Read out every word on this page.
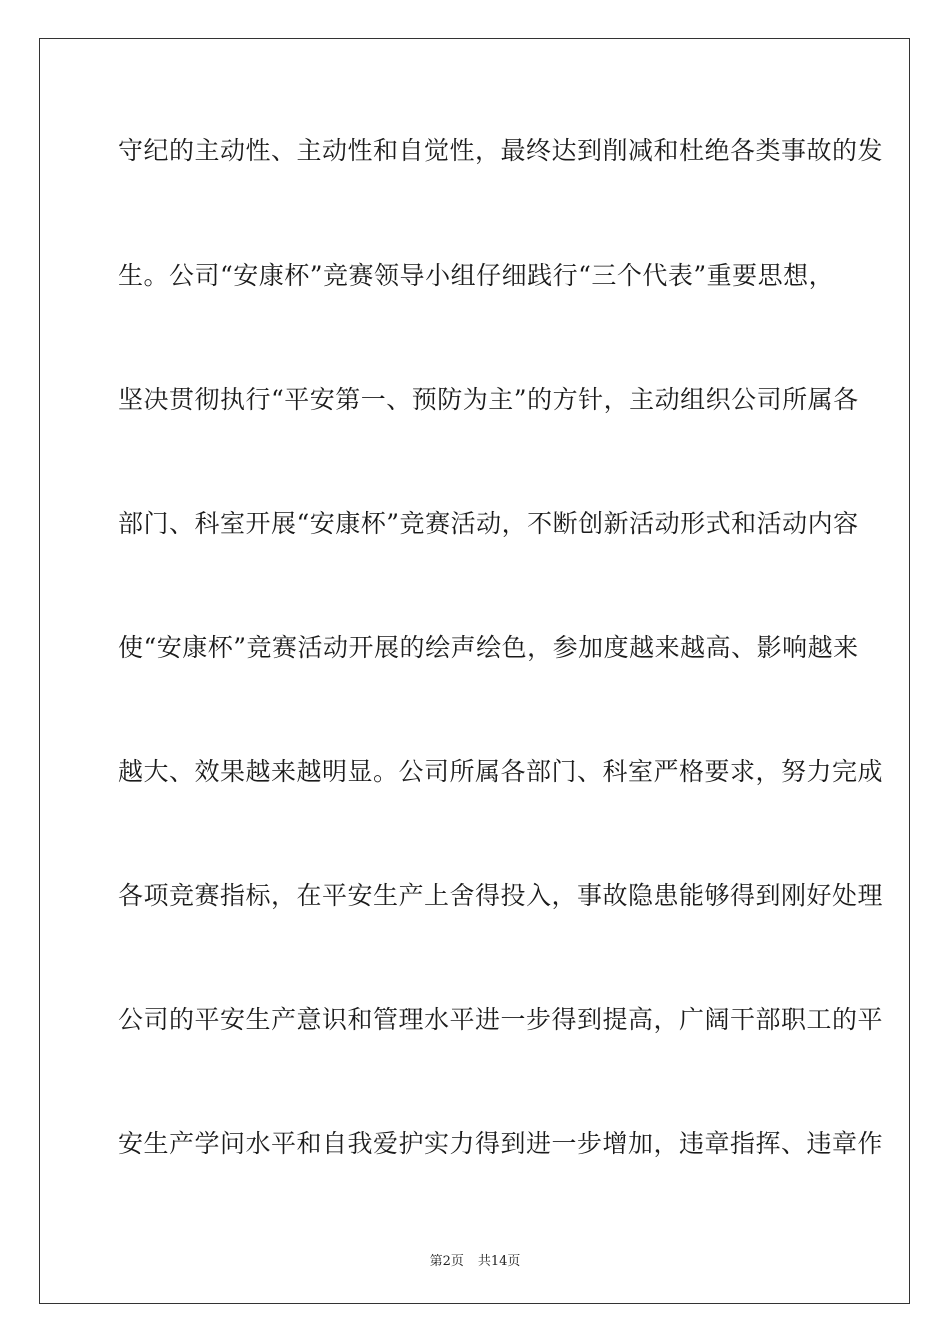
守纪的主动性、主动性和自觉性，最终达到削减和杜绝各类事故的发
生。公司“安康杯”竞赛领导小组仔细践行“三个代表”重要思想，
坚决贯彻执行“平安第一、预防为主”的方针，主动组织公司所属各
部门、科室开展“安康杯”竞赛活动，不断创新活动形式和活动内容
使“安康杯”竞赛活动开展的绘声绘色，参加度越来越高、影响越来
越大、效果越来越明显。公司所属各部门、科室严格要求，努力完成
各项竞赛指标，在平安生产上舍得投入，事故隐患能够得到刚好处理
公司的平安生产意识和管理水平进一步得到提高，广阔干部职工的平
安生产学问水平和自我爱护实力得到进一步增加，违章指挥、违章作
第2页 共14页
